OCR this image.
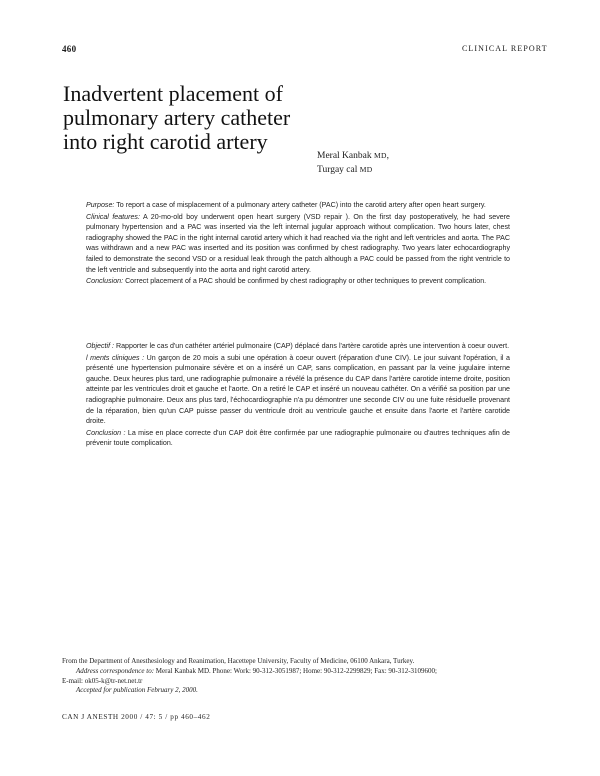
460	CLINICAL REPORT
Inadvertent placement of pulmonary artery catheter into right carotid artery
Meral Kanbak MD,
Turgay cal MD

Purpose: To report a case of misplacement of a pulmonary artery catheter (PAC) into the carotid artery after open heart surgery.

Clinical features: A 20-mo-old boy underwent open heart surgery (VSD repair ). On the first day postoperatively, he had severe pulmonary hypertension and a PAC was inserted via the left internal jugular approach without complication. Two hours later, chest radiography showed the PAC in the right internal carotid artery which it had reached via the right and left ventricles and aorta. The PAC was withdrawn and a new PAC was inserted and its position was confirmed by chest radiography. Two years later echocardiography failed to demonstrate the second VSD or a residual leak through the patch although a PAC could be passed from the right ventricle to the left ventricle and subsequently into the aorta and right carotid artery.

Conclusion: Correct placement of a PAC should be confirmed by chest radiography or other techniques to prevent complication.

Objectif : Rapporter le cas d'un cathéter artériel pulmonaire (CAP) déplacé dans l'artère carotide après une intervention à coeur ouvert.

l ments cliniques : Un garçon de 20 mois a subi une opération à coeur ouvert (réparation d'une CIV). Le jour suivant l'opération, il a présenté une hypertension pulmonaire sévère et on a inséré un CAP, sans complication, en passant par la veine jugulaire interne gauche. Deux heures plus tard, une radiographie pulmonaire a révélé la présence du CAP dans l'artère carotide interne droite, position atteinte par les ventricules droit et gauche et l'aorte. On a retiré le CAP et inséré un nouveau cathéter. On a vérifié sa position par une radiographie pulmonaire. Deux ans plus tard, l'échocardiographie n'a pu démontrer une seconde CIV ou une fuite résiduelle provenant de la réparation, bien qu'un CAP puisse passer du ventricule droit au ventricule gauche et ensuite dans l'aorte et l'artère carotide droite.

Conclusion : La mise en place correcte d'un CAP doit être confirmée par une radiographie pulmonaire ou d'autres techniques afin de prévenir toute complication.

From the Department of Anesthesiology and Reanimation, Hacettepe University, Faculty of Medicine, 06100 Ankara, Turkey.
Address correspondence to: Meral Kanbak MD. Phone: Work: 90-312-3051987; Home: 90-312-2299829; Fax: 90-312-3109600;
E-mail: ok05-k@tr-net.net.tr
Accepted for publication February 2, 2000.
CAN J ANESTH 2000 / 47: 5 / pp 460–462
